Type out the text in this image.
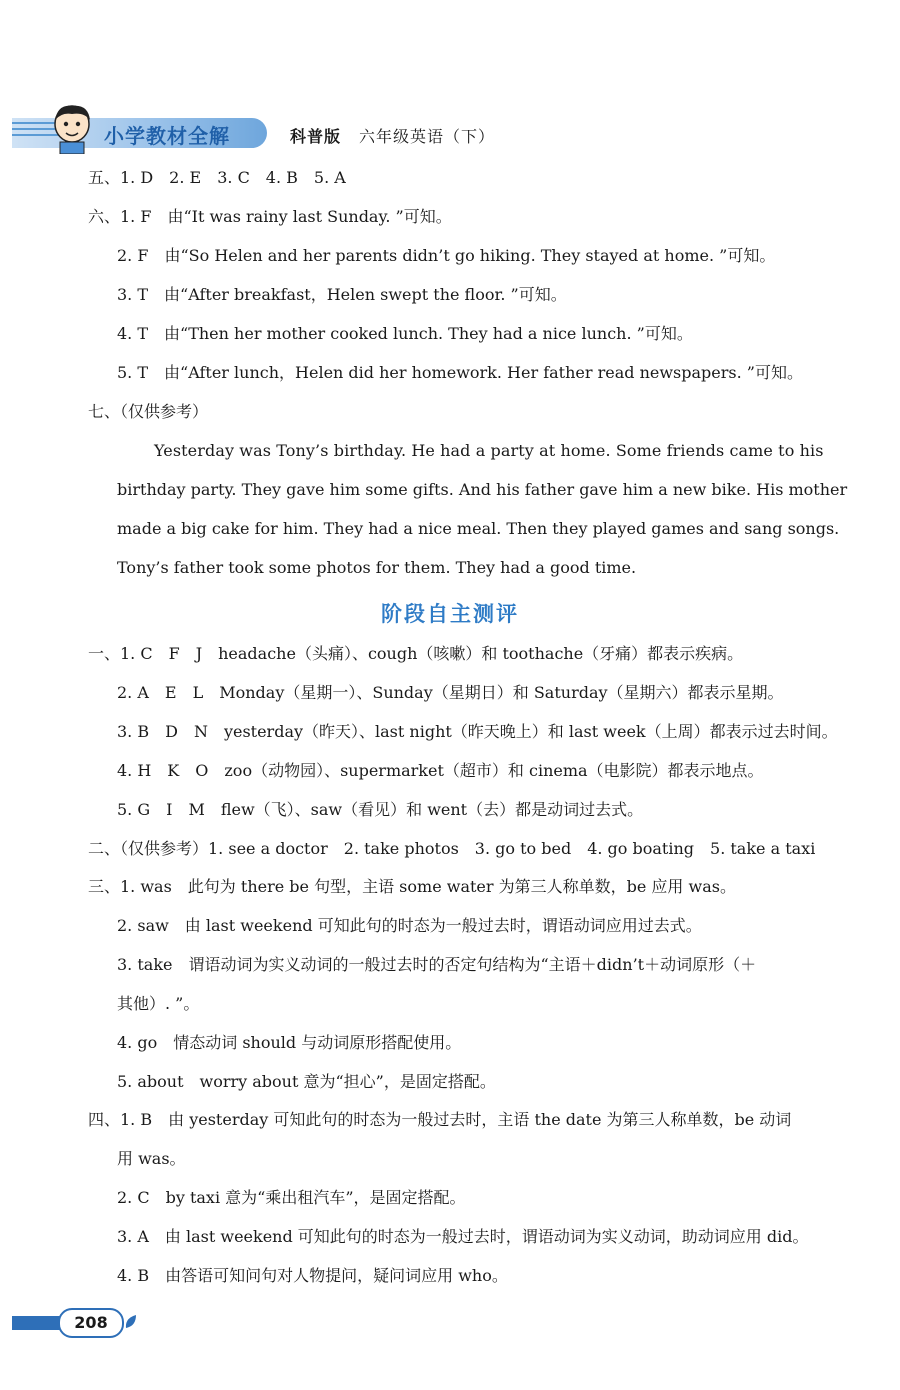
小学教材全解	科普版 六年级英语（下）
五、1. D　2. E　3. C　4. B　5. A
六、1. F　由“It was rainy last Sunday. ”可知。
2. F　由“So Helen and her parents didn’t go hiking. They stayed at home. ”可知。
3. T　由“After breakfast，Helen swept the floor. ”可知。
4. T　由“Then her mother cooked lunch. They had a nice lunch. ”可知。
5. T　由“After lunch，Helen did her homework. Her father read newspapers. ”可知。
七、（仅供参考）
Yesterday was Tony’s birthday. He had a party at home. Some friends came to his
birthday party. They gave him some gifts. And his father gave him a new bike. His mother
made a big cake for him. They had a nice meal. Then they played games and sang songs.
Tony’s father took some photos for them. They had a good time.
阶段自主测评
一、1. C　F　J　headache（头痛）、cough（咳嗽）和 toothache（牙痛）都表示疾病。
2. A　E　L　Monday（星期一）、Sunday（星期日）和 Saturday（星期六）都表示星期。
3. B　D　N　yesterday（昨天）、last night（昨天晚上）和 last week（上周）都表示过去时间。
4. H　K　O　zoo（动物园）、supermarket（超市）和 cinema（电影院）都表示地点。
5. G　I　M　flew（飞）、saw（看见）和 went（去）都是动词过去式。
二、（仅供参考）1. see a doctor　2. take photos　3. go to bed　4. go boating　5. take a taxi
三、1. was　此句为 there be 句型，主语 some water 为第三人称单数，be 应用 was。
2. saw　由 last weekend 可知此句的时态为一般过去时，谓语动词应用过去式。
3. take　谓语动词为实义动词的一般过去时的否定句结构为“主语＋didn’t＋动词原形（＋
其他）. ”。
4. go　情态动词 should 与动词原形搭配使用。
5. about　worry about 意为“担心”，是固定搭配。
四、1. B　由 yesterday 可知此句的时态为一般过去时，主语 the date 为第三人称单数，be 动词
用 was。
2. C　by taxi 意为“乘出租汽车”，是固定搭配。
3. A　由 last weekend 可知此句的时态为一般过去时，谓语动词为实义动词，助动词应用 did。
4. B　由答语可知问句对人物提问，疑问词应用 who。
208
